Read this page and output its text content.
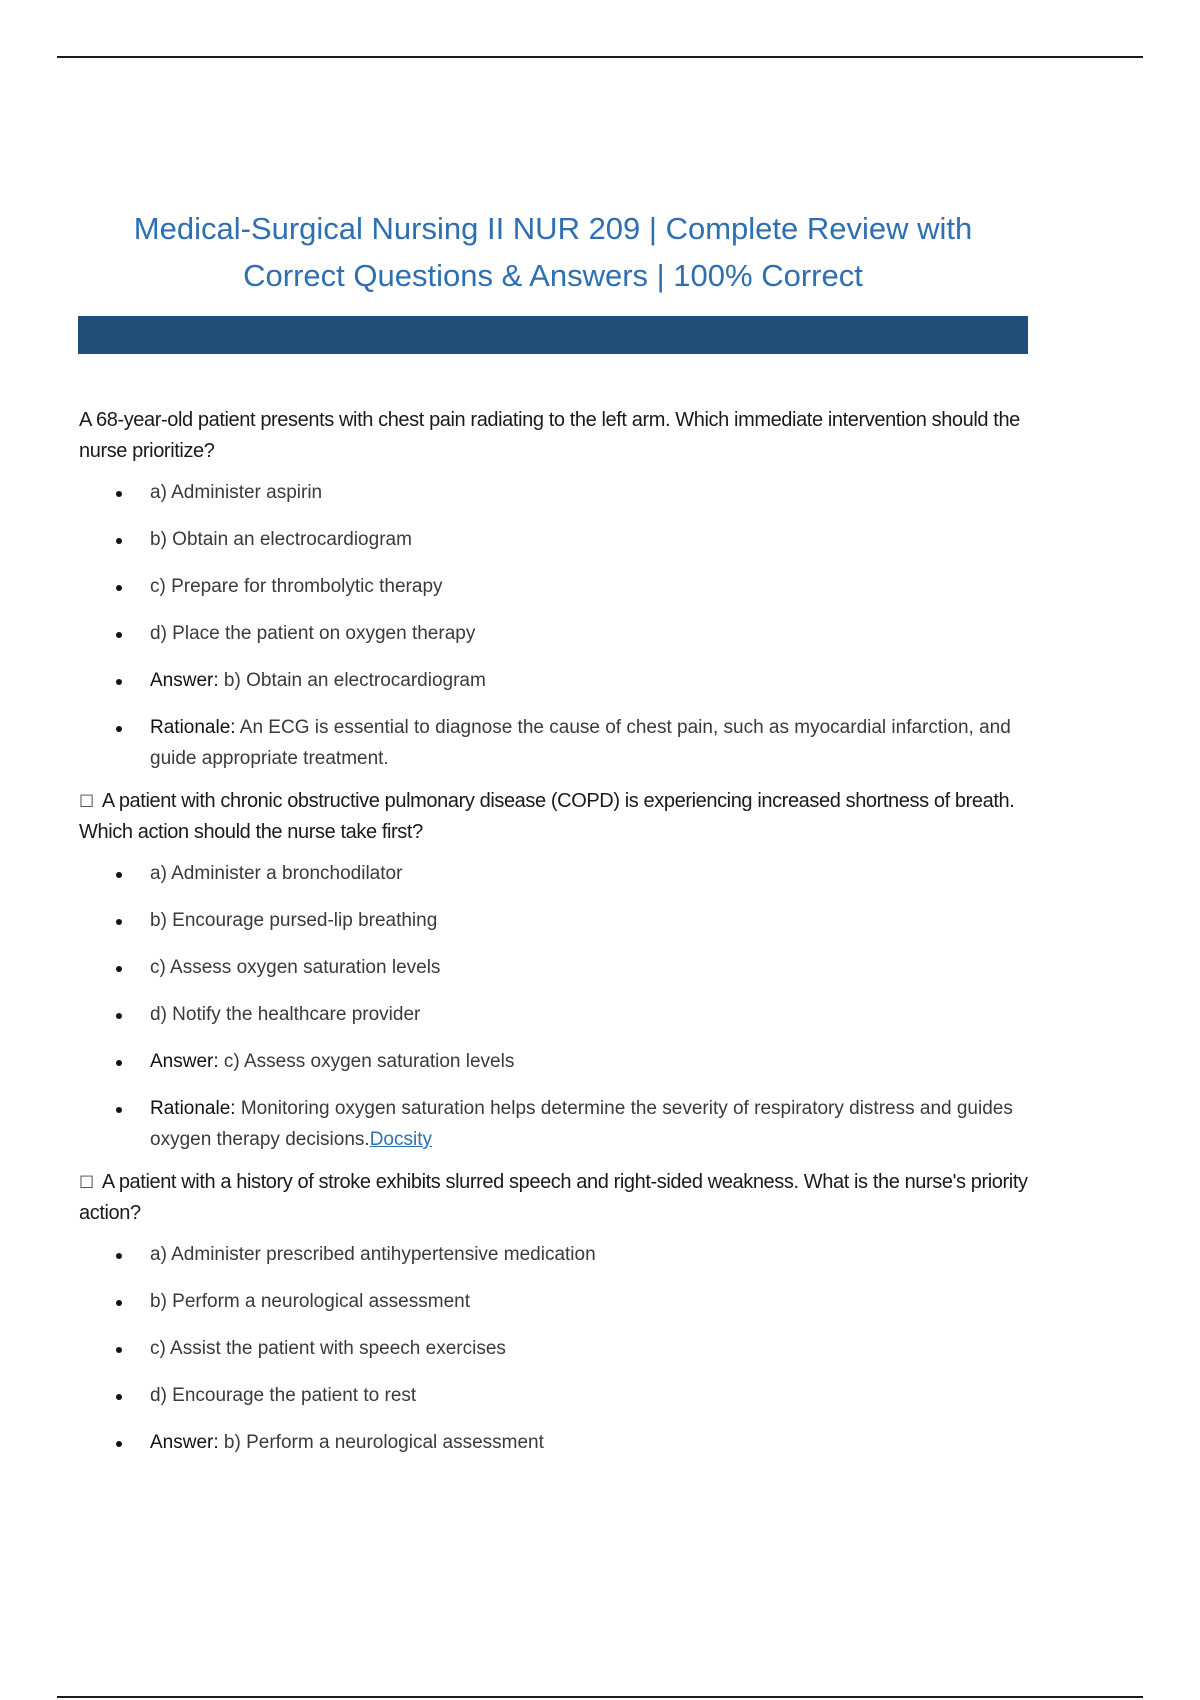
Medical-Surgical Nursing II NUR 209 | Complete Review with
Correct Questions & Answers | 100% Correct
A 68-year-old patient presents with chest pain radiating to the left arm. Which immediate intervention should the nurse prioritize?
a) Administer aspirin
b) Obtain an electrocardiogram
c) Prepare for thrombolytic therapy
d) Place the patient on oxygen therapy
Answer: b) Obtain an electrocardiogram
Rationale: An ECG is essential to diagnose the cause of chest pain, such as myocardial infarction, and guide appropriate treatment.
☐ A patient with chronic obstructive pulmonary disease (COPD) is experiencing increased shortness of breath. Which action should the nurse take first?
a) Administer a bronchodilator
b) Encourage pursed-lip breathing
c) Assess oxygen saturation levels
d) Notify the healthcare provider
Answer: c) Assess oxygen saturation levels
Rationale: Monitoring oxygen saturation helps determine the severity of respiratory distress and guides oxygen therapy decisions.Docsity
☐ A patient with a history of stroke exhibits slurred speech and right-sided weakness. What is the nurse's priority action?
a) Administer prescribed antihypertensive medication
b) Perform a neurological assessment
c) Assist the patient with speech exercises
d) Encourage the patient to rest
Answer: b) Perform a neurological assessment
